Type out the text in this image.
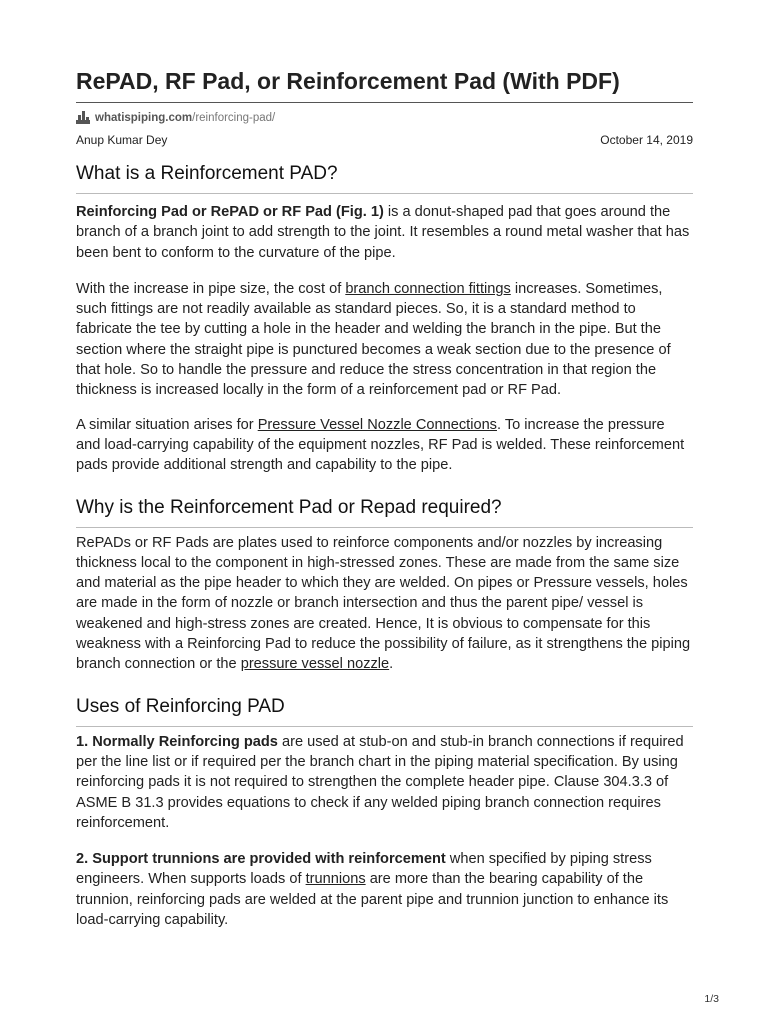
RePAD, RF Pad, or Reinforcement Pad (With PDF)
whatispiping.com /reinforcing-pad/
Anup Kumar Dey	October 14, 2019
What is a Reinforcement PAD?

Reinforcing Pad or RePAD or RF Pad (Fig. 1) is a donut-shaped pad that goes around the branch of a branch joint to add strength to the joint. It resembles a round metal washer that has been bent to conform to the curvature of the pipe.

With the increase in pipe size, the cost of branch connection fittings increases. Sometimes, such fittings are not readily available as standard pieces. So, it is a standard method to fabricate the tee by cutting a hole in the header and welding the branch in the pipe. But the section where the straight pipe is punctured becomes a weak section due to the presence of that hole. So to handle the pressure and reduce the stress concentration in that region the thickness is increased locally in the form of a reinforcement pad or RF Pad.

A similar situation arises for Pressure Vessel Nozzle Connections. To increase the pressure and load-carrying capability of the equipment nozzles, RF Pad is welded. These reinforcement pads provide additional strength and capability to the pipe.

Why is the Reinforcement Pad or Repad required?

RePADs or RF Pads are plates used to reinforce components and/or nozzles by increasing thickness local to the component in high-stressed zones. These are made from the same size and material as the pipe header to which they are welded. On pipes or Pressure vessels, holes are made in the form of nozzle or branch intersection and thus the parent pipe/ vessel is weakened and high-stress zones are created. Hence, It is obvious to compensate for this weakness with a Reinforcing Pad to reduce the possibility of failure, as it strengthens the piping branch connection or the pressure vessel nozzle.

Uses of Reinforcing PAD

1. Normally Reinforcing pads are used at stub-on and stub-in branch connections if required per the line list or if required per the branch chart in the piping material specification. By using reinforcing pads it is not required to strengthen the complete header pipe. Clause 304.3.3 of ASME B 31.3 provides equations to check if any welded piping branch connection requires reinforcement.

2. Support trunnions are provided with reinforcement when specified by piping stress engineers. When supports loads of trunnions are more than the bearing capability of the trunnion, reinforcing pads are welded at the parent pipe and trunnion junction to enhance its load-carrying capability.

1/3
